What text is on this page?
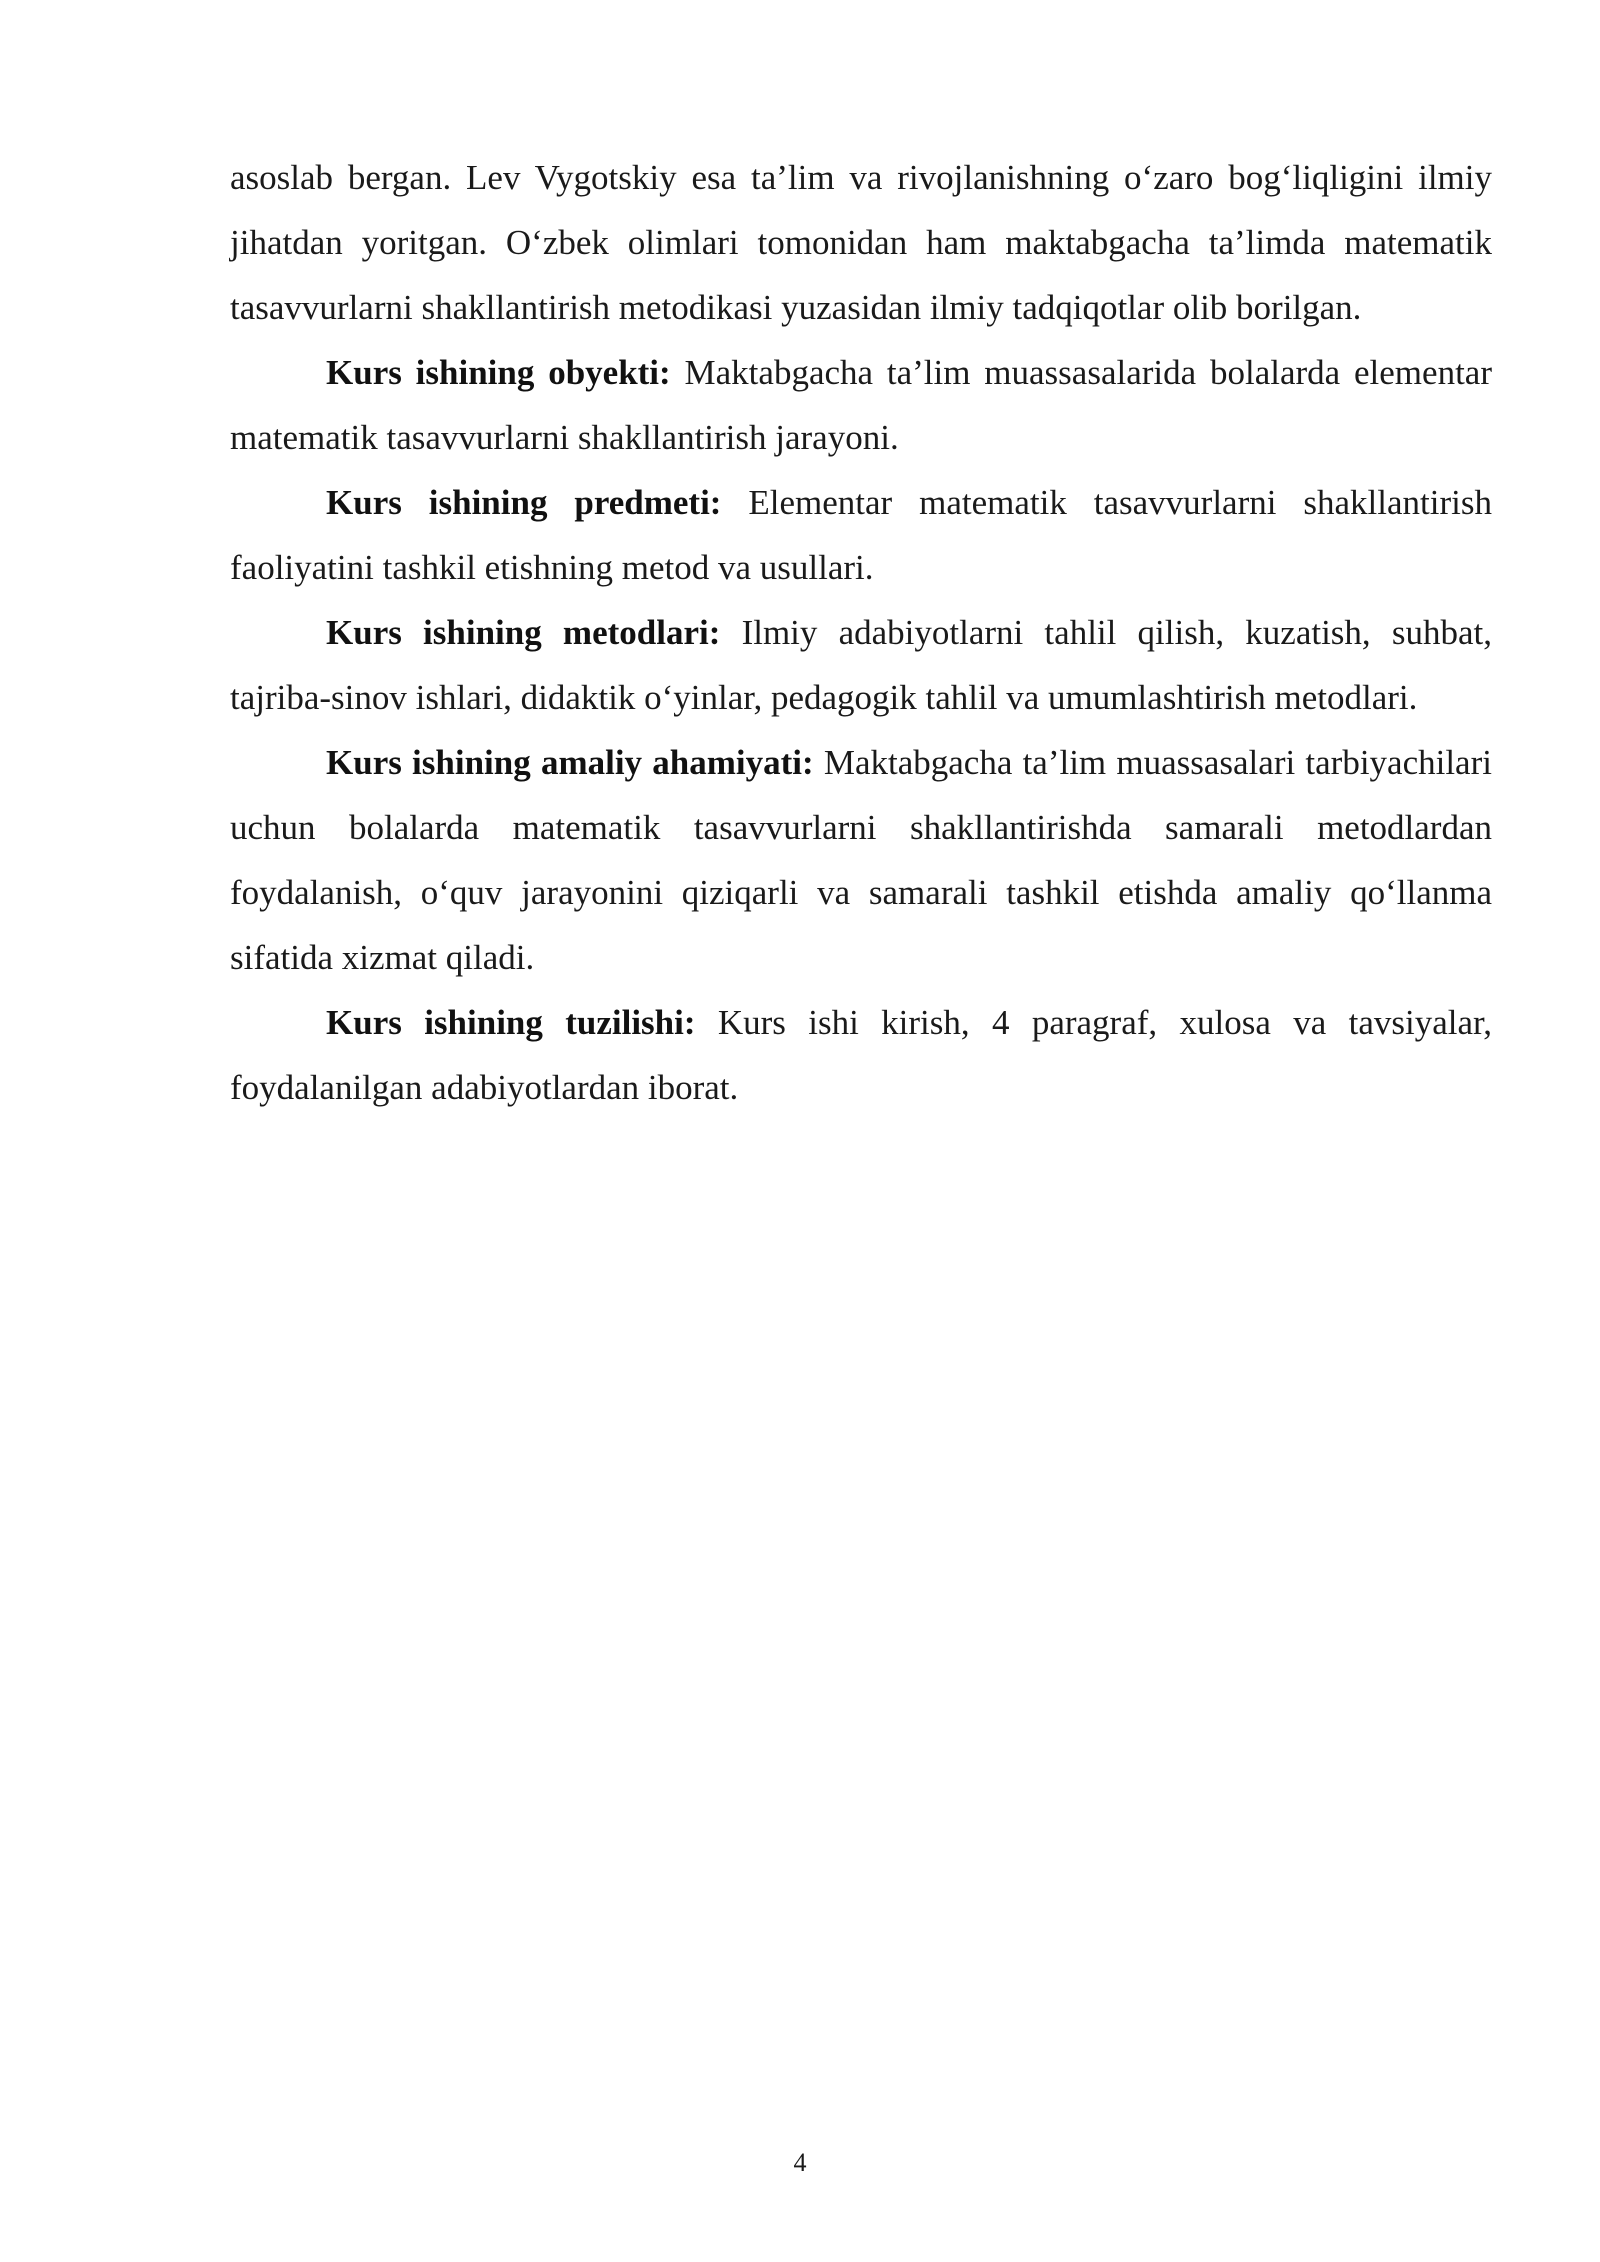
asoslab bergan. Lev Vygotskiy esa ta’lim va rivojlanishning o‘zaro bog‘liqligini ilmiy jihatdan yoritgan. O‘zbek olimlari tomonidan ham maktabgacha ta’limda matematik tasavvurlarni shakllantirish metodikasi yuzasidan ilmiy tadqiqotlar olib borilgan.

Kurs ishining obyekti: Maktabgacha ta’lim muassasalarida bolalarda elementar matematik tasavvurlarni shakllantirish jarayoni.

Kurs ishining predmeti: Elementar matematik tasavvurlarni shakllantirish faoliyatini tashkil etishning metod va usullari.

Kurs ishining metodlari: Ilmiy adabiyotlarni tahlil qilish, kuzatish, suhbat, tajriba-sinov ishlari, didaktik o‘yinlar, pedagogik tahlil va umumlashtirish metodlari.

Kurs ishining amaliy ahamiyati: Maktabgacha ta’lim muassasalari tarbiyachilari uchun bolalarda matematik tasavvurlarni shakllantirishda samarali metodlardan foydalanish, o‘quv jarayonini qiziqarli va samarali tashkil etishda amaliy qo‘llanma sifatida xizmat qiladi.

Kurs ishining tuzilishi: Kurs ishi kirish, 4 paragraf, xulosa va tavsiyalar, foydalanilgan adabiyotlardan iborat.

4
